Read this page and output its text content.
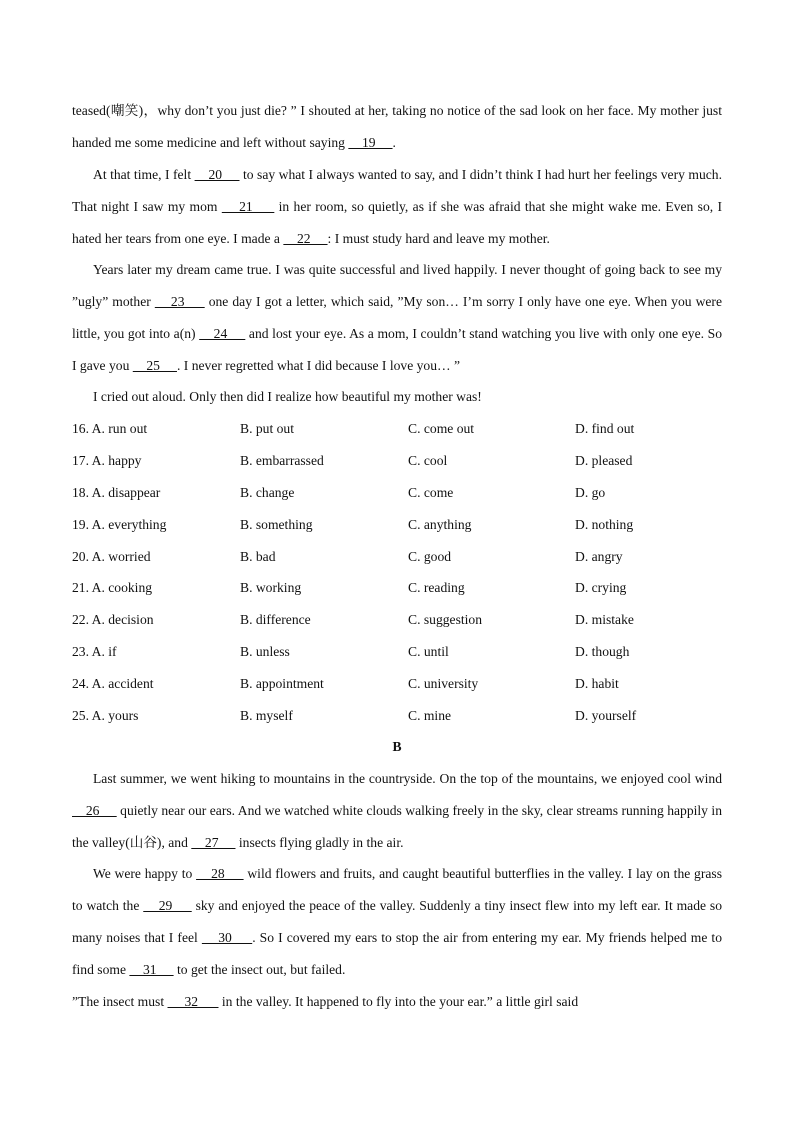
teased(嘲笑)，why don’t you just die? ” I shouted at her, taking no notice of the sad look on her face. My mother just handed me some medicine and left without saying     19     .

At that time, I felt     20      to say what I always wanted to say, and I didn’t think I had hurt her feelings very much. That night I saw my mom     21      in her room, so quietly, as if she was afraid that she might wake me. Even so, I hated her tears from one eye. I made a     22     : I must study hard and leave my mother.

Years later my dream came true. I was quite successful and lived happily. I never thought of going back to see my ”ugly” mother     23      one day I got a letter, which said, ”My son… I’m sorry I only have one eye. When you were little, you got into a(n)     24      and lost your eye. As a mom, I couldn’t stand watching you live with only one eye. So I gave you     25     . I never regretted what I did because I love you… ”

I cried out aloud. Only then did I realize how beautiful my mother was!

16. A. run out	B. put out	C. come out	D. find out
17. A. happy	B. embarrassed	C. cool	D. pleased
18. A. disappear	B. change	C. come	D. go
19. A. everything	B. something	C. anything	D. nothing
20. A. worried	B. bad	C. good	D. angry
21. A. cooking	B. working	C. reading	D. crying
22. A. decision	B. difference	C. suggestion	D. mistake
23. A. if	B. unless	C. until	D. though
24. A. accident	B. appointment	C. university	D. habit
25. A. yours	B. myself	C. mine	D. yourself
B

Last summer, we went hiking to mountains in the countryside. On the top of the mountains, we enjoyed cool wind     26      quietly near our ears. And we watched white clouds walking freely in the sky, clear streams running happily in the valley(山谷), and     27      insects flying gladly in the air.

We were happy to     28      wild flowers and fruits, and caught beautiful butterflies in the valley. I lay on the grass to watch the     29      sky and enjoyed the peace of the valley. Suddenly a tiny insect flew into my left ear. It made so many noises that I feel     30     . So I covered my ears to stop the air from entering my ear. My friends helped me to find some     31      to get the insect out, but failed.

”The insect must      32       in the valley. It happened to fly into the your ear.” a little girl said
